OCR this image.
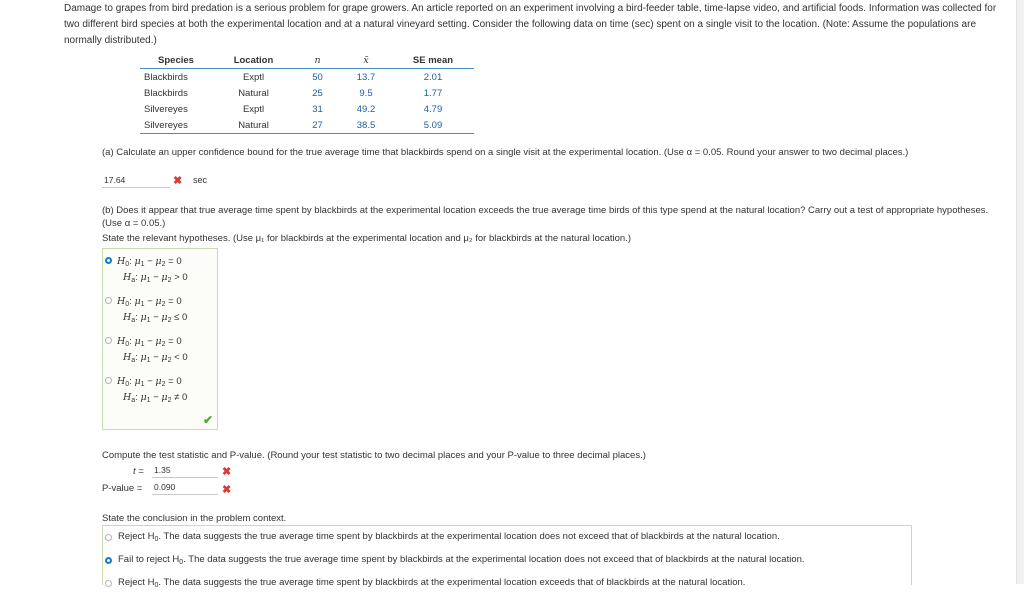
Damage to grapes from bird predation is a serious problem for grape growers. An article reported on an experiment involving a bird-feeder table, time-lapse video, and artificial foods. Information was collected for two different bird species at both the experimental location and at a natural vineyard setting. Consider the following data on time (sec) spent on a single visit to the location. (Note: Assume the populations are normally distributed.)
Species	Location	n	x̄	SE mean
Blackbirds	Exptl	50	13.7	2.01
Blackbirds	Natural	25	9.5	1.77
Silvereyes	Exptl	31	49.2	4.79
Silvereyes	Natural	27	38.5	5.09
(a) Calculate an upper confidence bound for the true average time that blackbirds spend on a single visit at the experimental location. (Use α = 0.05. Round your answer to two decimal places.)
17.64	✖ sec
(b) Does it appear that true average time spent by blackbirds at the experimental location exceeds the true average time birds of this type spend at the natural location? Carry out a test of appropriate hypotheses. (Use α = 0.05.)
State the relevant hypotheses. (Use μ₁ for blackbirds at the experimental location and μ₂ for blackbirds at the natural location.)
$H_0$: $\mu_1 - \mu_2 = 0$
$H_a$: $\mu_1 - \mu_2 > 0$
$H_0$: $\mu_1 - \mu_2 = 0$
$H_a$: $\mu_1 - \mu_2 \le 0$
$H_0$: $\mu_1 - \mu_2 = 0$
$H_a$: $\mu_1 - \mu_2 < 0$
$H_0$: $\mu_1 - \mu_2 = 0$
$H_a$: $\mu_1 - \mu_2 \ne 0$
✔
Compute the test statistic and P-value. (Round your test statistic to two decimal places and your P-value to three decimal places.)
t = 1.35	✖
P-value = 0.090	✖
State the conclusion in the problem context.
Reject $H_0$. The data suggests the true average time spent by blackbirds at the experimental location does not exceed that of blackbirds at the natural location.
Fail to reject $H_0$. The data suggests the true average time spent by blackbirds at the experimental location does not exceed that of blackbirds at the natural location.
Reject $H_0$. The data suggests the true average time spent by blackbirds at the experimental location exceeds that of blackbirds at the natural location.
